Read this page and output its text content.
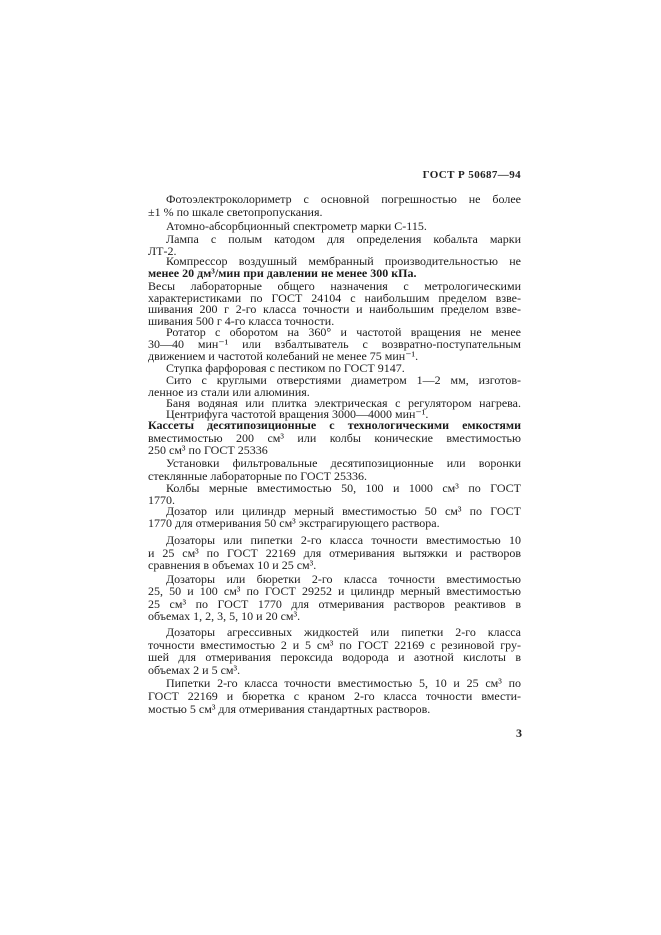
ГОСТ Р 50687—94
Фотоэлектроколориметр с основной погрешностью не более
±1 % по шкале светопропускания.
Атомно-абсорбционный спектрометр марки С-115.
Лампа с полым катодом для определения кобальта марки
ЛТ-2.
Компрессор воздушный мембранный производительностью не
менее 20 дм³/мин при давлении не менее 300 кПа.
Весы лабораторные общего назначения с метрологическими
характеристиками по ГОСТ 24104 с наибольшим пределом взве-
шивания 200 г 2-го класса точности и наибольшим пределом взве-
шивания 500 г 4-го класса точности.
Ротатор с оборотом на 360° и частотой вращения не менее
30—40 мин⁻¹ или взбалтыватель с возвратно-поступательным
движением и частотой колебаний не менее 75 мин⁻¹.
Ступка фарфоровая с пестиком по ГОСТ 9147.
Сито с круглыми отверстиями диаметром 1—2 мм, изготов-
ленное из стали или алюминия.
Баня водяная или плитка электрическая с регулятором нагрева.
Центрифуга частотой вращения 3000—4000 мин⁻¹.
Кассеты десятипозиционные с технологическими емкостями
вместимостью 200 см³ или колбы конические вместимостью
250 см³ по ГОСТ 25336
Установки фильтровальные десятипозиционные или воронки
стеклянные лабораторные по ГОСТ 25336.
Колбы мерные вместимостью 50, 100 и 1000 см³ по ГОСТ
1770.
Дозатор или цилиндр мерный вместимостью 50 см³ по ГОСТ
1770 для отмеривания 50 см³ экстрагирующего раствора.
Дозаторы или пипетки 2-го класса точности вместимостью 10
и 25 см³ по ГОСТ 22169 для отмеривания вытяжки и растворов
сравнения в объемах 10 и 25 см³.
Дозаторы или бюретки 2-го класса точности вместимостью
25, 50 и 100 см³ по ГОСТ 29252 и цилиндр мерный вместимостью
25 см³ по ГОСТ 1770 для отмеривания растворов реактивов в
объемах 1, 2, 3, 5, 10 и 20 см³.
Дозаторы агрессивных жидкостей или пипетки 2-го класса
точности вместимостью 2 и 5 см³ по ГОСТ 22169 с резиновой гру-
шей для отмеривания пероксида водорода и азотной кислоты в
объемах 2 и 5 см³.
Пипетки 2-го класса точности вместимостью 5, 10 и 25 см³ по
ГОСТ 22169 и бюретка с краном 2-го класса точности вмести-
мостью 5 см³ для отмеривания стандартных растворов.
3
